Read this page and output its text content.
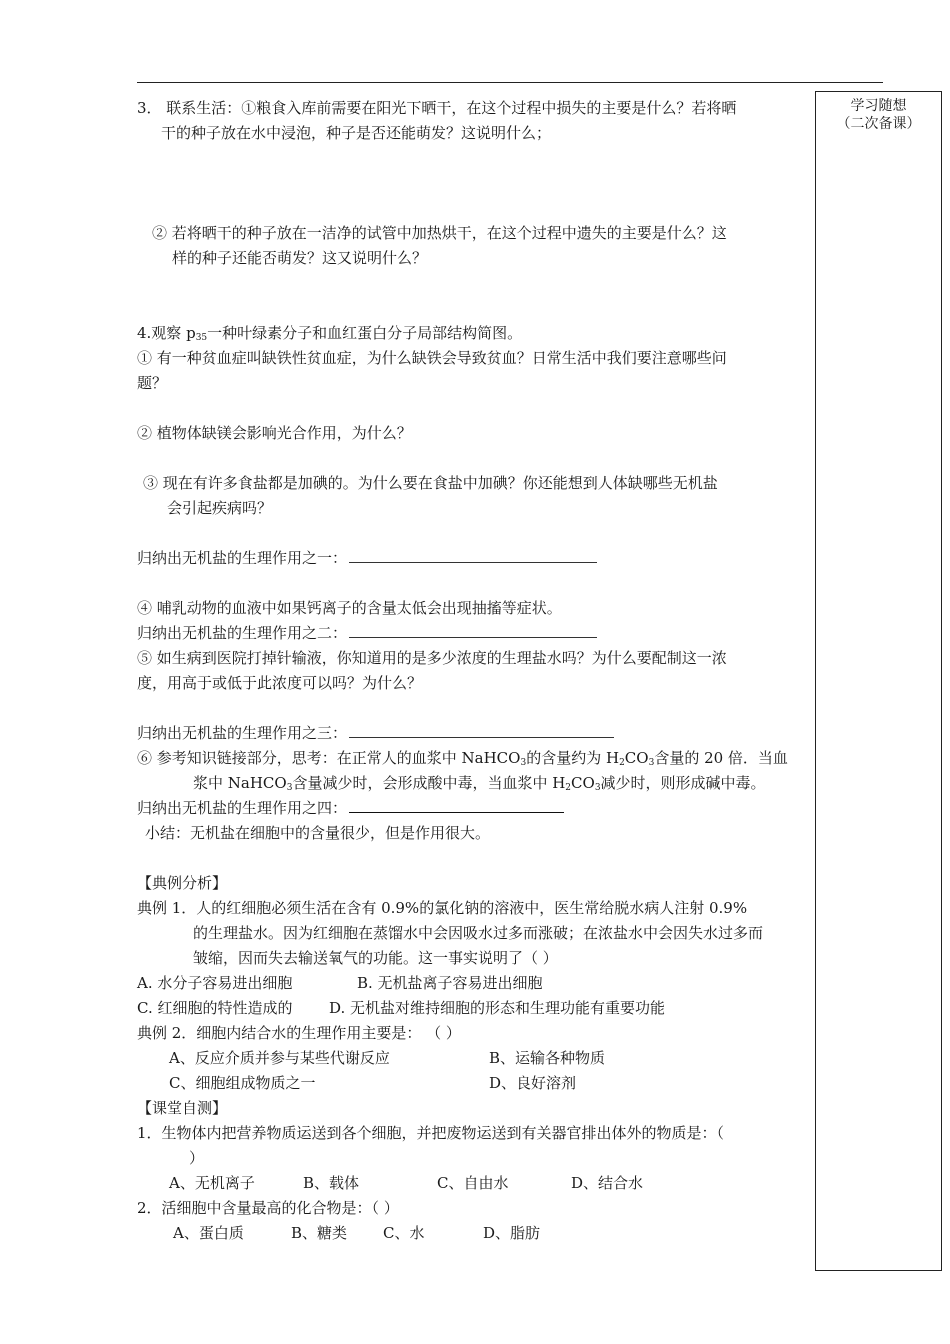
学习随想
（二次备课）
3． 联系生活：①粮食入库前需要在阳光下晒干，在这个过程中损失的主要是什么？若将晒
干的种子放在水中浸泡，种子是否还能萌发？这说明什么；
② 若将晒干的种子放在一洁净的试管中加热烘干，在这个过程中遗失的主要是什么？这
样的种子还能否萌发？这又说明什么？
4.观察 $p_{35}$一种叶绿素分子和血红蛋白分子局部结构简图。
① 有一种贫血症叫缺铁性贫血症，为什么缺铁会导致贫血？日常生活中我们要注意哪些问
题？
② 植物体缺镁会影响光合作用，为什么？
③ 现在有许多食盐都是加碘的。为什么要在食盐中加碘？你还能想到人体缺哪些无机盐
会引起疾病吗？
归纳出无机盐的生理作用之一：
④ 哺乳动物的血液中如果钙离子的含量太低会出现抽搐等症状。
归纳出无机盐的生理作用之二：
⑤ 如生病到医院打掉针输液，你知道用的是多少浓度的生理盐水吗？为什么要配制这一浓
度，用高于或低于此浓度可以吗？为什么？
归纳出无机盐的生理作用之三：
⑥ 参考知识链接部分，思考：在正常人的血浆中 NaHCO$_3$的含量约为 $H_2CO_3$含量的 20 倍．当血
浆中 NaHCO$_3$含量减少时，会形成酸中毒，当血浆中 $H_2CO_3$减少时，则形成碱中毒。
归纳出无机盐的生理作用之四：
小结：无机盐在细胞中的含量很少，但是作用很大。
【典例分析】
典例 1．人的红细胞必须生活在含有 0.9%的氯化钠的溶液中，医生常给脱水病人注射 0.9%
的生理盐水。因为红细胞在蒸馏水中会因吸水过多而涨破；在浓盐水中会因失水过多而
皱缩，因而失去输送氧气的功能。这一事实说明了（ ）
A. 水分子容易进出细胞	B. 无机盐离子容易进出细胞
C. 红细胞的特性造成的 D. 无机盐对维持细胞的形态和生理功能有重要功能
典例 2．细胞内结合水的生理作用主要是： （ ）
A、反应介质并参与某些代谢反应	B、运输各种物质
C、细胞组成物质之一	D、良好溶剂
【课堂自测】
1．生物体内把营养物质运送到各个细胞，并把废物运送到有关器官排出体外的物质是：（
）
A、无机离子	B、载体	C、自由水	D、结合水
2．活细胞中含量最高的化合物是：（ ）
A、蛋白质	B、糖类 C、水	D、脂肪
